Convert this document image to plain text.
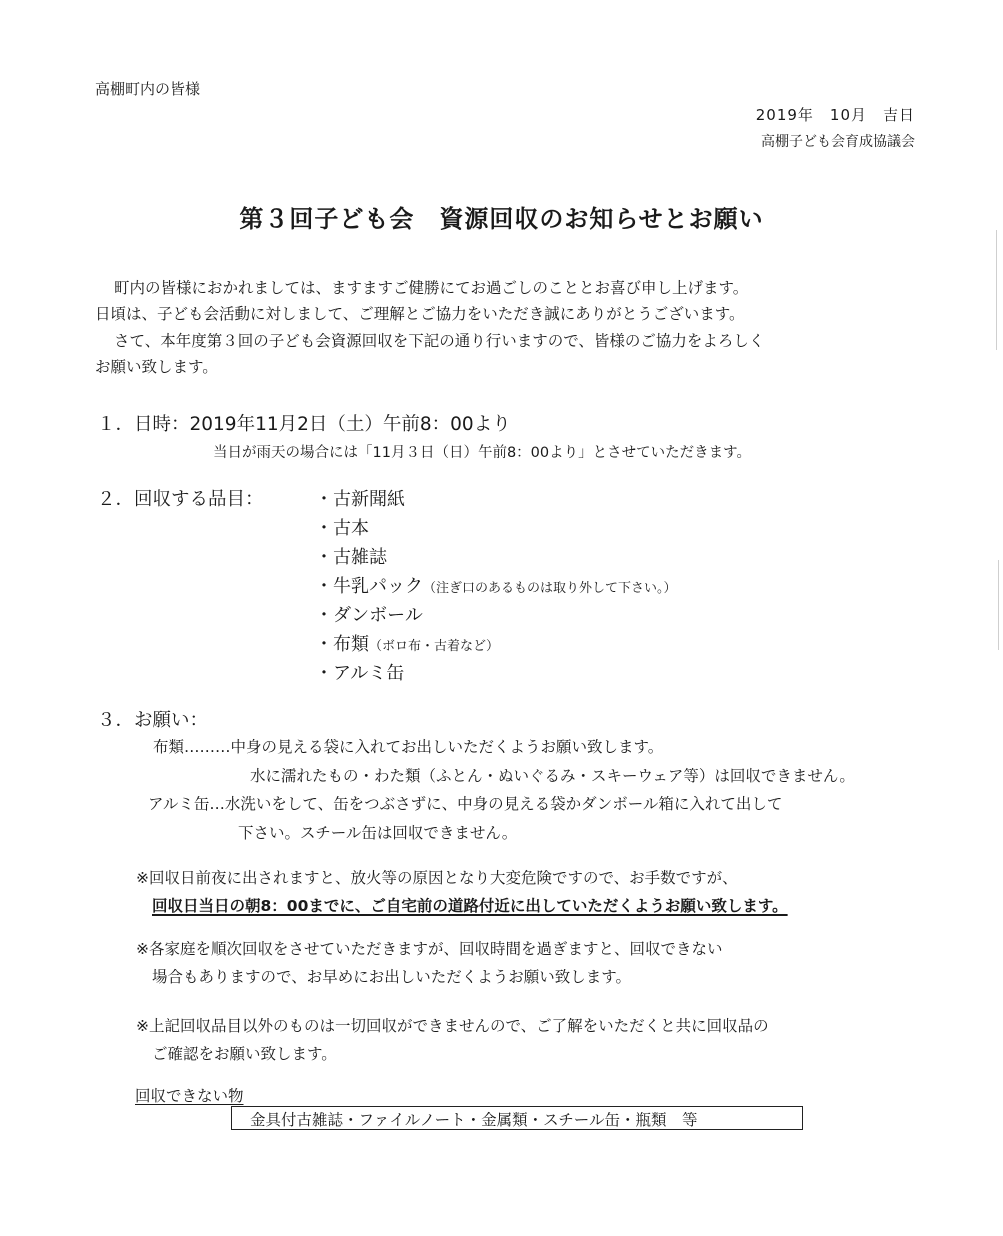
高棚町内の皆様
2019年　10月　吉日
高棚子ども会育成協議会
第３回子ども会　資源回収のお知らせとお願い
町内の皆様におかれましては、ますますご健勝にてお過ごしのこととお喜び申し上げます。
日頃は、子ども会活動に対しまして、ご理解とご協力をいただき誠にありがとうございます。
さて、本年度第３回の子ども会資源回収を下記の通り行いますので、皆様のご協力をよろしく
お願い致します。
１．日時：2019年11月2日（土）午前8：00より
当日が雨天の場合には「11月３日（日）午前8：00より」とさせていただきます。
２．回収する品目：	・古新聞紙
・古本
・古雑誌
・牛乳パック（注ぎ口のあるものは取り外して下さい。）
・ダンボール
・布類（ボロ布・古着など）
・アルミ缶
３．お願い：
布類………中身の見える袋に入れてお出しいただくようお願い致します。
水に濡れたもの・わた類（ふとん・ぬいぐるみ・スキーウェア等）は回収できません。
アルミ缶…水洗いをして、缶をつぶさずに、中身の見える袋かダンボール箱に入れて出して
下さい。スチール缶は回収できません。
※回収日前夜に出されますと、放火等の原因となり大変危険ですので、お手数ですが、
回収日当日の朝8：00までに、ご自宅前の道路付近に出していただくようお願い致します。
※各家庭を順次回収をさせていただきますが、回収時間を過ぎますと、回収できない
場合もありますので、お早めにお出しいただくようお願い致します。
※上記回収品目以外のものは一切回収ができませんので、ご了解をいただくと共に回収品の
ご確認をお願い致します。
回収できない物
金具付古雑誌・ファイルノート・金属類・スチール缶・瓶類　等
